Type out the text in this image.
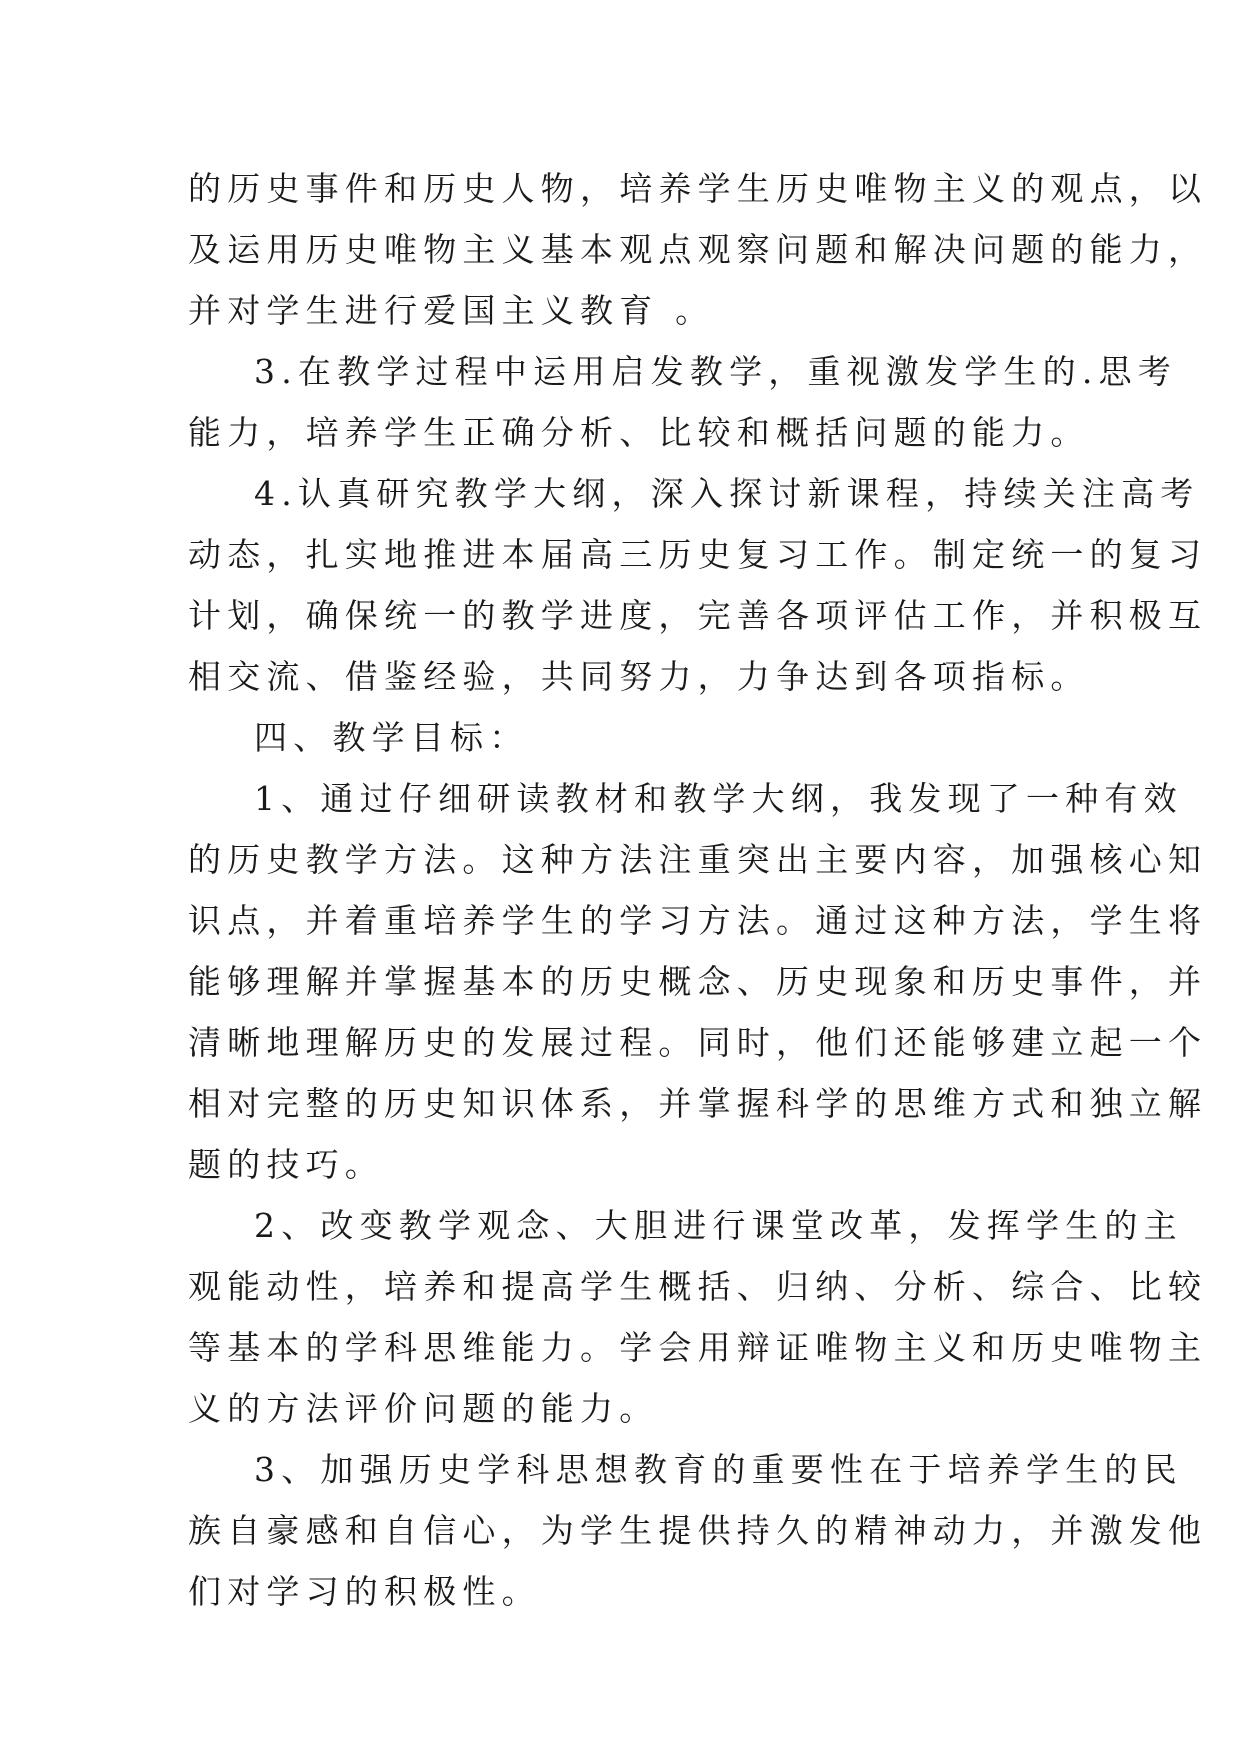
的历史事件和历史人物，培养学生历史唯物主义的观点，以
及运用历史唯物主义基本观点观察问题和解决问题的能力，
并对学生进行爱国主义教育 。
3.在教学过程中运用启发教学，重视激发学生的.思考
能力，培养学生正确分析、比较和概括问题的能力。
4.认真研究教学大纲，深入探讨新课程，持续关注高考
动态，扎实地推进本届高三历史复习工作。制定统一的复习
计划，确保统一的教学进度，完善各项评估工作，并积极互
相交流、借鉴经验，共同努力，力争达到各项指标。
四、教学目标：
1、通过仔细研读教材和教学大纲，我发现了一种有效
的历史教学方法。这种方法注重突出主要内容，加强核心知
识点，并着重培养学生的学习方法。通过这种方法，学生将
能够理解并掌握基本的历史概念、历史现象和历史事件，并
清晰地理解历史的发展过程。同时，他们还能够建立起一个
相对完整的历史知识体系，并掌握科学的思维方式和独立解
题的技巧。
2、改变教学观念、大胆进行课堂改革，发挥学生的主
观能动性，培养和提高学生概括、归纳、分析、综合、比较
等基本的学科思维能力。学会用辩证唯物主义和历史唯物主
义的方法评价问题的能力。
3、加强历史学科思想教育的重要性在于培养学生的民
族自豪感和自信心，为学生提供持久的精神动力，并激发他
们对学习的积极性。
